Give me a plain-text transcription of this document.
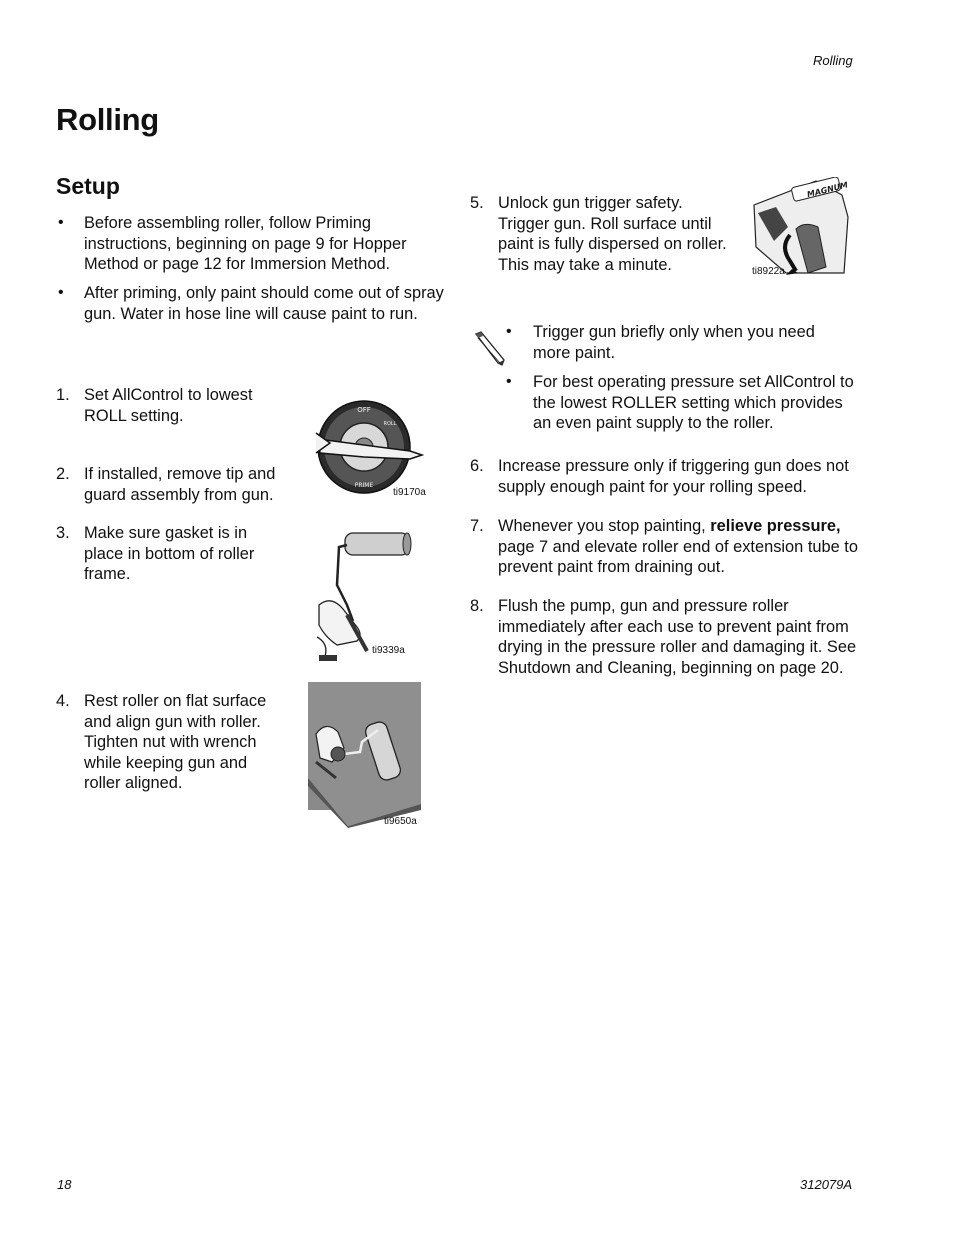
Rolling
Rolling
Setup
• Before assembling roller, follow Priming instructions, beginning on page 9 for Hopper Method or page 12 for Immersion Method.
• After priming, only paint should come out of spray gun. Water in hose line will cause paint to run.
1. Set AllControl to lowest ROLL setting.
2. If installed, remove tip and guard assembly from gun.
3. Make sure gasket is in place in bottom of roller frame.
4. Rest roller on flat surface and align gun with roller. Tighten nut with wrench while keeping gun and roller aligned.
OFF
ROLL
PRIME
ti9170a
ti9339a
ti9650a
5. Unlock gun trigger safety. Trigger gun. Roll surface until paint is fully dispersed on roller. This may take a minute.
MAGNUM
ti8922a
• Trigger gun briefly only when you need more paint.
• For best operating pressure set AllControl to the lowest ROLLER setting which provides an even paint supply to the roller.
6. Increase pressure only if triggering gun does not supply enough paint for your rolling speed.
7. Whenever you stop painting, relieve pressure, page 7 and elevate roller end of extension tube to prevent paint from draining out.
8. Flush the pump, gun and pressure roller immediately after each use to prevent paint from drying in the pressure roller and damaging it. See Shutdown and Cleaning, beginning on page 20.
18	312079A
